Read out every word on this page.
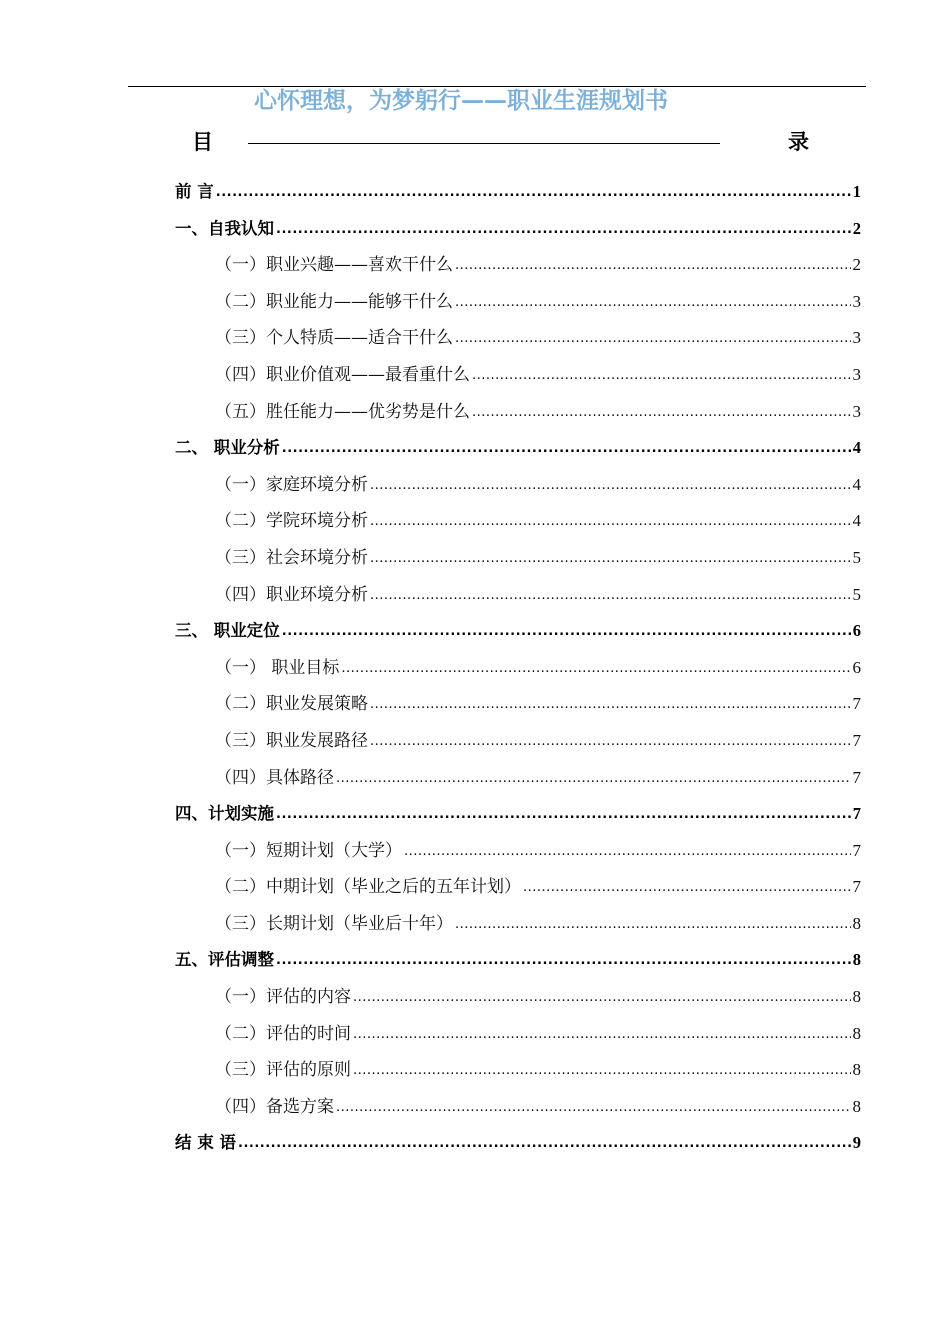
心怀理想，为梦躬行——职业生涯规划书
目	录
前 言 .....	1
一、自我认知 .....	2
（一）职业兴趣——喜欢干什么 .....	2
（二）职业能力——能够干什么 .....	3
（三）个人特质——适合干什么 .....	3
（四）职业价值观——最看重什么 .....	3
（五）胜任能力——优劣势是什么 .....	3
二、 职业分析 .....	4
（一）家庭环境分析 .....	4
（二）学院环境分析 .....	4
（三）社会环境分析 .....	5
（四）职业环境分析 .....	5
三、 职业定位 .....	6
（一） 职业目标 .....	6
（二）职业发展策略 .....	7
（三）职业发展路径 .....	7
（四）具体路径 .....	7
四、计划实施 .....	7
（一）短期计划（大学） .....	7
（二）中期计划（毕业之后的五年计划） .....	7
（三）长期计划（毕业后十年） .....	8
五、评估调整 .....	8
（一）评估的内容 .....	8
（二）评估的时间 .....	8
（三）评估的原则 .....	8
（四）备选方案 .....	8
结 束 语 .....	9
